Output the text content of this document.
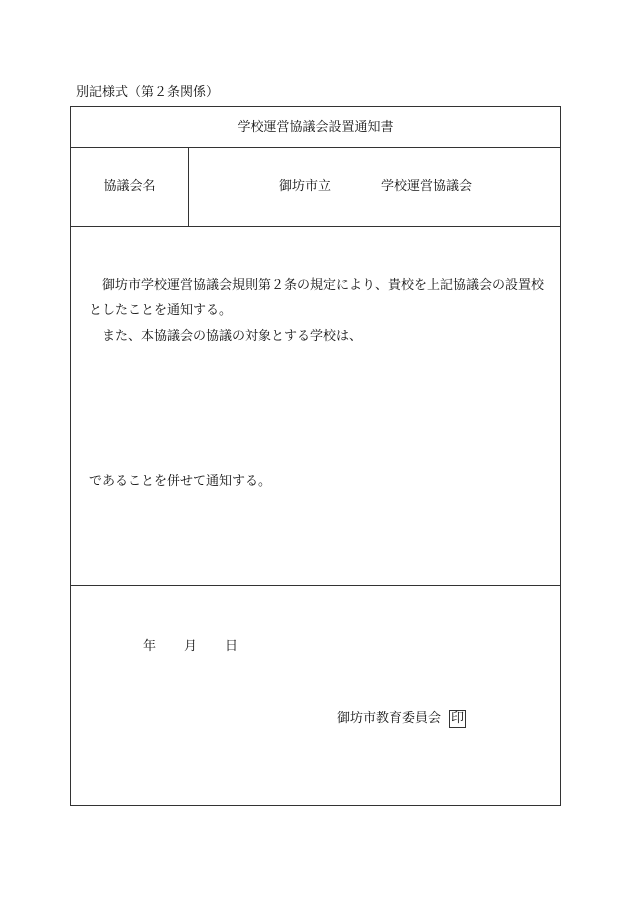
別記様式（第２条関係）
学校運営協議会設置通知書
協議会名	御坊市立	学校運営協議会
御坊市学校運営協議会規則第２条の規定により、貴校を上記協議会の設置校
としたことを通知する。
また、本協議会の協議の対象とする学校は、
であることを併せて通知する。
年 月 日
御坊市教育委員会 印
